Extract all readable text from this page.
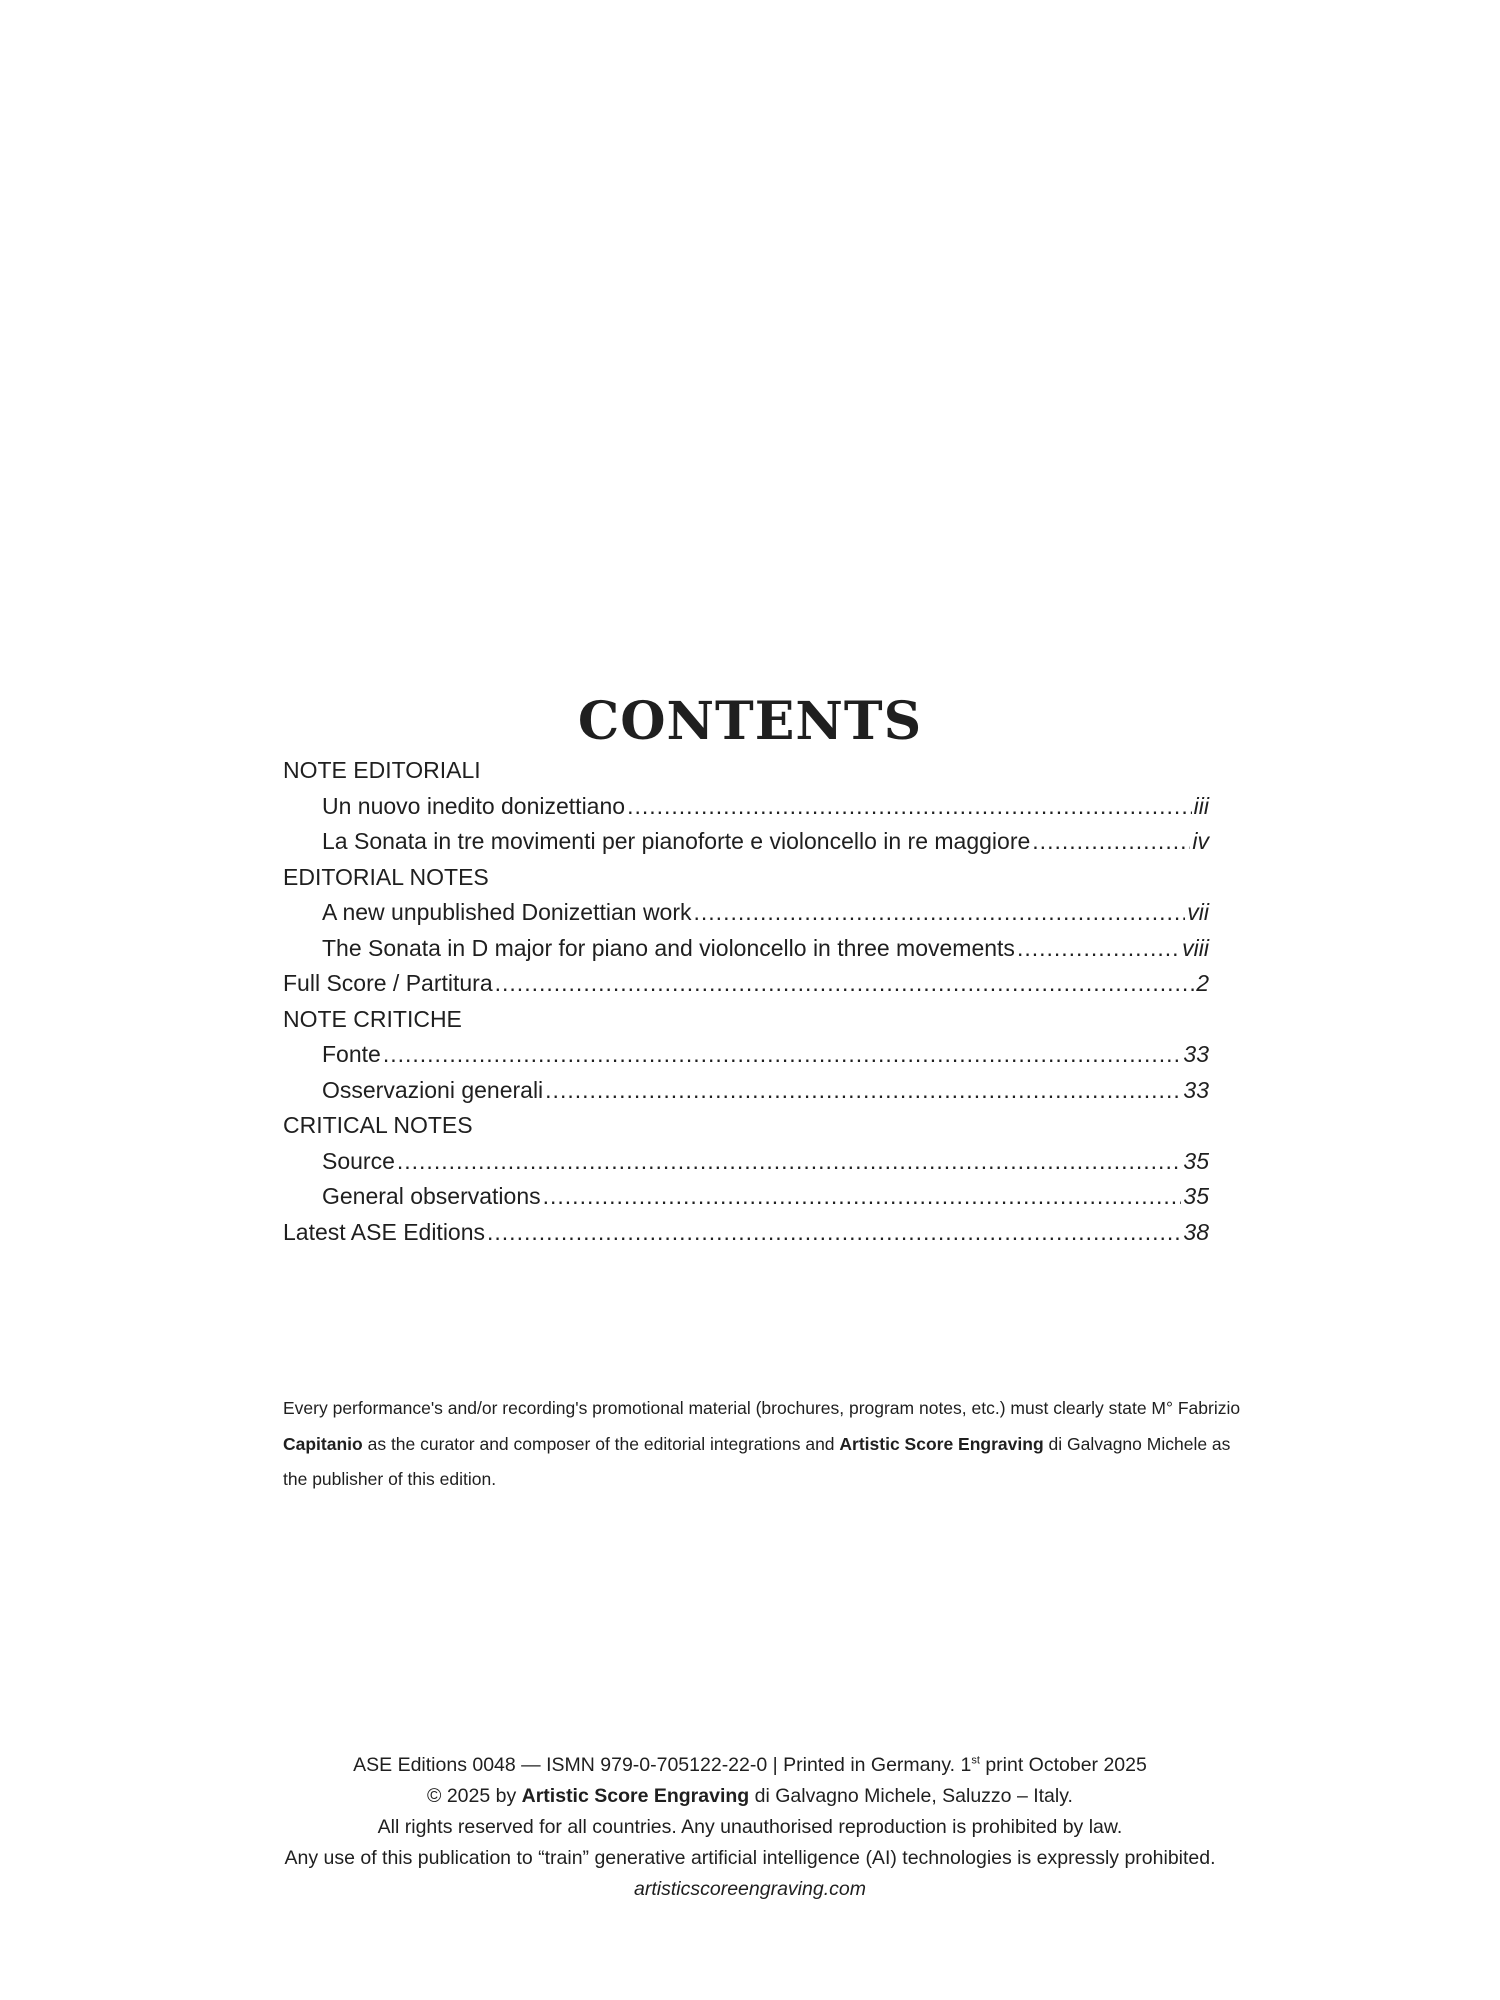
CONTENTS
NOTE EDITORIALI
Un nuovo inedito donizettiano .....	iii
La Sonata in tre movimenti per pianoforte e violoncello in re maggiore .....	iv
EDITORIAL NOTES
A new unpublished Donizettian work .....	vii
The Sonata in D major for piano and violoncello in three movements .....	viii
Full Score / Partitura .....	2
NOTE CRITICHE
Fonte .....	33
Osservazioni generali .....	33
CRITICAL NOTES
Source .....	35
General observations .....	35
Latest ASE Editions .....	38
Every performance's and/or recording's promotional material (brochures, program notes, etc.) must clearly state M° Fabrizio Capitanio as the curator and composer of the editorial integrations and Artistic Score Engraving di Galvagno Michele as the publisher of this edition.
ASE Editions 0048 — ISMN 979-0-705122-22-0 | Printed in Germany. 1st print October 2025
© 2025 by Artistic Score Engraving di Galvagno Michele, Saluzzo – Italy.
All rights reserved for all countries. Any unauthorised reproduction is prohibited by law.
Any use of this publication to “train” generative artificial intelligence (AI) technologies is expressly prohibited.
artisticscoreengraving.com
